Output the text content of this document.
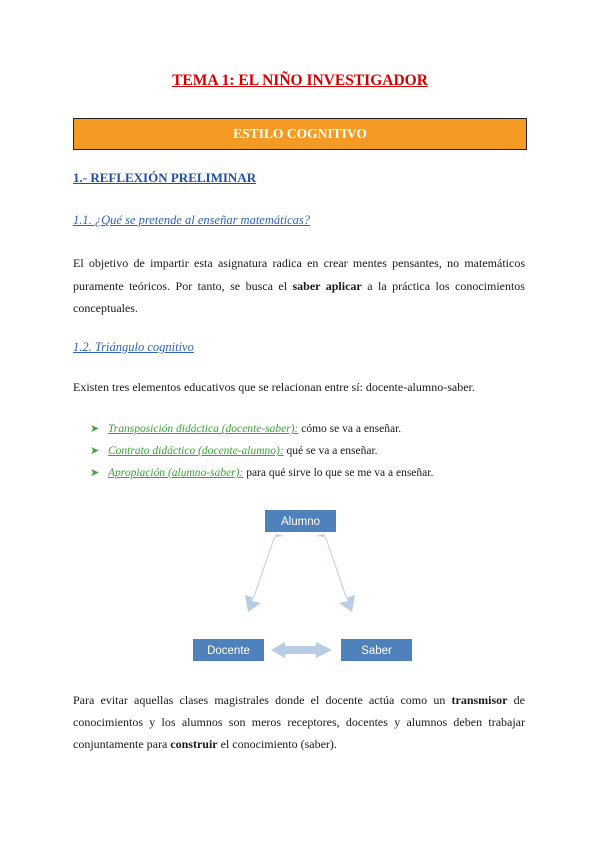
TEMA 1: EL NIÑO INVESTIGADOR
ESTILO COGNITIVO
1.- REFLEXIÓN PRELIMINAR
1.1. ¿Qué se pretende al enseñar matemáticas?
El objetivo de impartir esta asignatura radica en crear mentes pensantes, no matemáticos puramente teóricos. Por tanto, se busca el saber aplicar a la práctica los conocimientos conceptuales.
1.2. Triángulo cognitivo
Existen tres elementos educativos que se relacionan entre sí: docente-alumno-saber.
➤ Transposición didáctica (docente-saber): cómo se va a enseñar.
➤ Contrato didáctico (docente-alumno): qué se va a enseñar.
➤ Apropiación (alumno-saber): para qué sirve lo que se me va a enseñar.
Alumno
Docente	Saber
Para evitar aquellas clases magistrales donde el docente actúa como un transmisor de conocimientos y los alumnos son meros receptores, docentes y alumnos deben trabajar conjuntamente para construir el conocimiento (saber).
